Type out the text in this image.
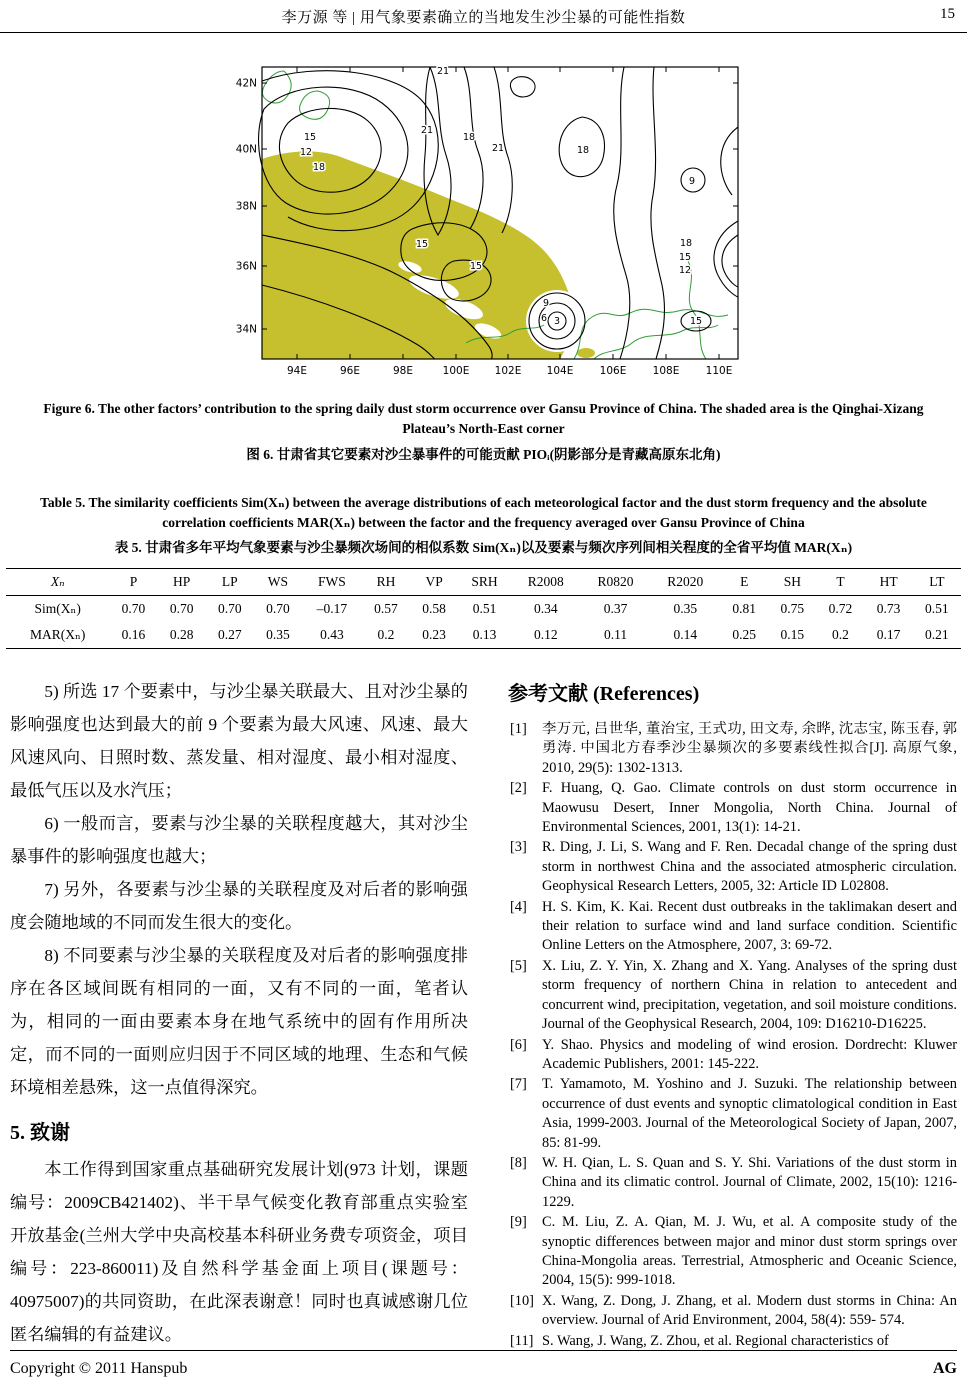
李万源 等 | 用气象要素确立的当地发生沙尘暴的可能性指数	15
94E	96E	98E	100E 102E 104E	106E	108E	110E
42N
40N
38N
36N
34N
21
15
12
18
21
18
21	18
9
15
15
18
15
12
15
9
6 3
Figure 6. The other factors’ contribution to the spring daily dust storm occurrence over Gansu Province of China. The shaded area is the Qinghai-Xizang Plateau’s North-East corner
图 6. 甘肃省其它要素对沙尘暴事件的可能贡献 PIOᵢ(阴影部分是青藏高原东北角)
Table 5. The similarity coefficients Sim(Xₙ) between the average distributions of each meteorological factor and the dust storm frequency and the absolute correlation coefficients MAR(Xₙ) between the factor and the frequency averaged over Gansu Province of China
表 5. 甘肃省多年平均气象要素与沙尘暴频次场间的相似系数 Sim(Xₙ)以及要素与频次序列间相关程度的全省平均值 MAR(Xₙ)
Xₙ	P	HP	LP	WS	FWS	RH	VP	SRH	R2008	R0820	R2020	E	SH	T	HT	LT
Sim(Xₙ)	0.70	0.70	0.70	0.70	–0.17	0.57	0.58	0.51	0.34	0.37	0.35	0.81	0.75	0.72	0.73	0.51
MAR(Xₙ)	0.16	0.28	0.27	0.35	0.43	0.2	0.23	0.13	0.12	0.11	0.14	0.25	0.15	0.2	0.17	0.21

5) 所选 17 个要素中，与沙尘暴关联最大、且对沙尘暴的影响强度也达到最大的前 9 个要素为最大风速、风速、最大风速风向、日照时数、蒸发量、相对湿度、最小相对湿度、最低气压以及水汽压；

6) 一般而言，要素与沙尘暴的关联程度越大，其对沙尘暴事件的影响强度也越大；

7) 另外，各要素与沙尘暴的关联程度及对后者的影响强度会随地域的不同而发生很大的变化。

8) 不同要素与沙尘暴的关联程度及对后者的影响强度排序在各区域间既有相同的一面，又有不同的一面，笔者认为，相同的一面由要素本身在地气系统中的固有作用所决定，而不同的一面则应归因于不同区域的地理、生态和气候环境相差悬殊，这一点值得深究。

5. 致谢

本工作得到国家重点基础研究发展计划(973 计划，课题编号：2009CB421402)、半干旱气候变化教育部重点实验室开放基金(兰州大学中央高校基本科研业务费专项资金，项目编号：223-860011)及自然科学基金面上项目(课题号：40975007)的共同资助，在此深表谢意！同时也真诚感谢几位匿名编辑的有益建议。

参考文献 (References)
[1] 李万元, 吕世华, 董治宝, 王式功, 田文寿, 余晔, 沈志宝, 陈玉春, 郭勇涛. 中国北方春季沙尘暴频次的多要素线性拟合[J]. 高原气象, 2010, 29(5): 1302-1313.
[2] F. Huang, Q. Gao. Climate controls on dust storm occurrence in Maowusu Desert, Inner Mongolia, North China. Journal of Environmental Sciences, 2001, 13(1): 14-21.
[3] R. Ding, J. Li, S. Wang and F. Ren. Decadal change of the spring dust storm in northwest China and the associated atmospheric circulation. Geophysical Research Letters, 2005, 32: Article ID L02808.
[4] H. S. Kim, K. Kai. Recent dust outbreaks in the taklimakan desert and their relation to surface wind and land surface condition. Scientific Online Letters on the Atmosphere, 2007, 3: 69-72.
[5] X. Liu, Z. Y. Yin, X. Zhang and X. Yang. Analyses of the spring dust storm frequency of northern China in relation to antecedent and concurrent wind, precipitation, vegetation, and soil moisture conditions. Journal of the Geophysical Research, 2004, 109: D16210-D16225.
[6] Y. Shao. Physics and modeling of wind erosion. Dordrecht: Kluwer Academic Publishers, 2001: 145-222.
[7] T. Yamamoto, M. Yoshino and J. Suzuki. The relationship between occurrence of dust events and synoptic climatological condition in East Asia, 1999-2003. Journal of the Meteorological Society of Japan, 2007, 85: 81-99.
[8] W. H. Qian, L. S. Quan and S. Y. Shi. Variations of the dust storm in China and its climatic control. Journal of Climate, 2002, 15(10): 1216-1229.
[9] C. M. Liu, Z. A. Qian, M. J. Wu, et al. A composite study of the synoptic differences between major and minor dust storm springs over China-Mongolia areas. Terrestrial, Atmospheric and Oceanic Science, 2004, 15(5): 999-1018.
[10] X. Wang, Z. Dong, J. Zhang, et al. Modern dust storms in China: An overview. Journal of Arid Environment, 2004, 58(4): 559- 574.
[11] S. Wang, J. Wang, Z. Zhou, et al. Regional characteristics of
Copyright © 2011 Hanspub	AG
